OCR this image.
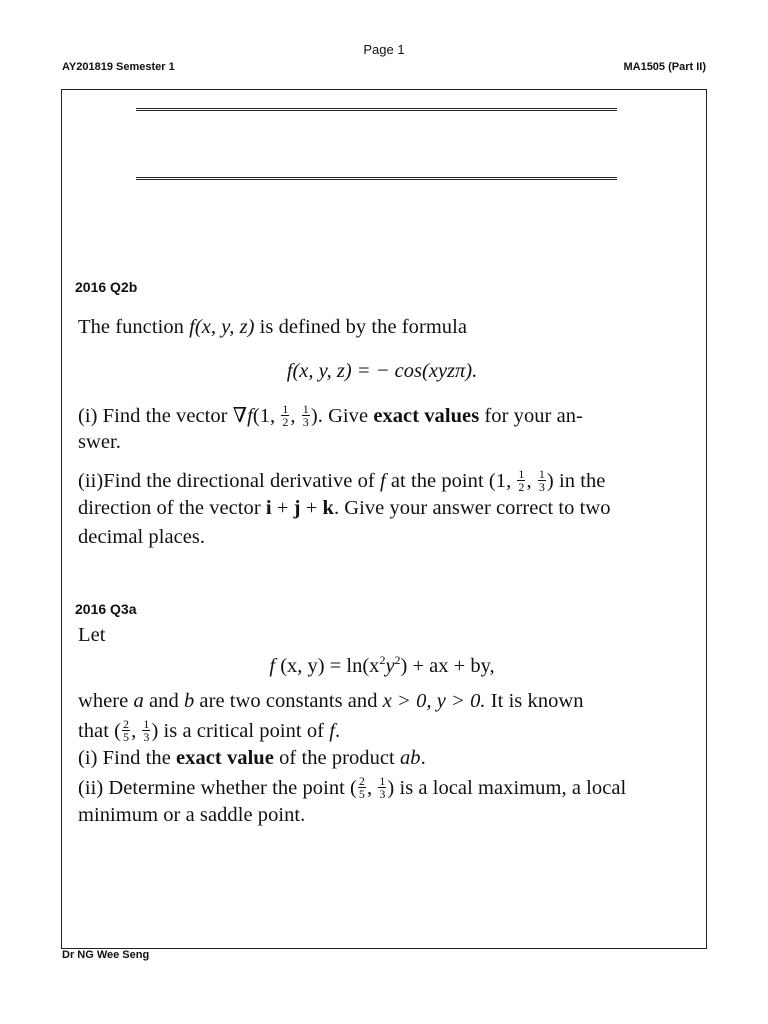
Page 1
AY201819 Semester 1	MA1505 (Part II)
2016 Q2b
The function f(x, y, z) is defined by the formula
f(x, y, z) = − cos(xyzπ).
(i) Find the vector ∇f(1, $\frac{1}{2}$ , $\frac{1}{3}$ ). Give exact values for your an-
swer.
(ii)Find the directional derivative of f at the point (1, $\frac{1}{2}$ , $\frac{1}{3}$ ) in the
direction of the vector i + j + k. Give your answer correct to two
decimal places.
2016 Q3a
Let
f (x, $y) = \ln(x^2y^2)$ + ax + by,
where a and b are two constants and x > 0, y > 0. It is known
that ( $\frac{2}{5}$ , $\frac{1}{3}$ ) is a critical point of f.
(i) Find the exact value of the product ab.
(ii) Determine whether the point ( $\frac{2}{5}$ , $\frac{1}{3}$ ) is a local maximum, a local
minimum or a saddle point.
Dr NG Wee Seng
